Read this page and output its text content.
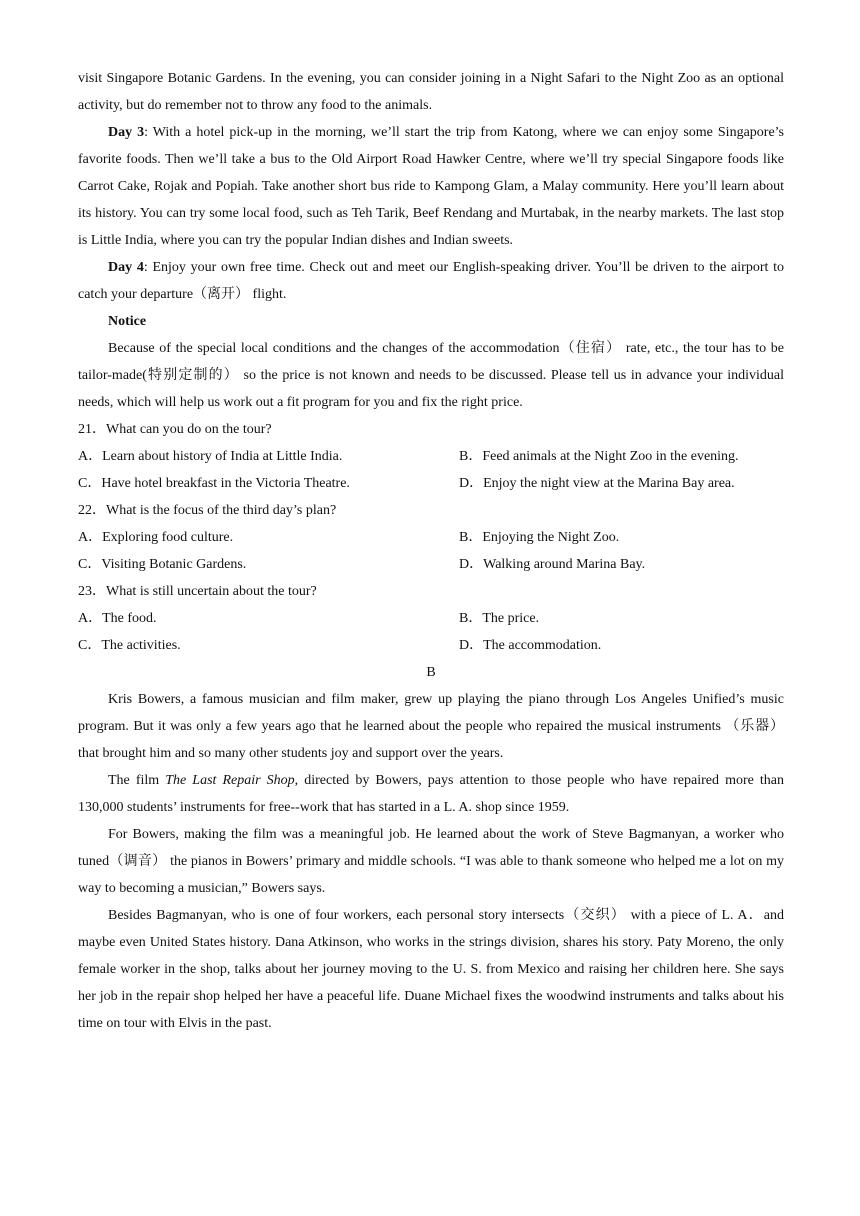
visit Singapore Botanic Gardens. In the evening, you can consider joining in a Night Safari to the Night Zoo as an optional activity, but do remember not to throw any food to the animals.

Day 3: With a hotel pick-up in the morning, we’ll start the trip from Katong, where we can enjoy some Singapore’s favorite foods. Then we’ll take a bus to the Old Airport Road Hawker Centre, where we’ll try special Singapore foods like Carrot Cake, Rojak and Popiah. Take another short bus ride to Kampong Glam, a Malay community. Here you’ll learn about its history. You can try some local food, such as Teh Tarik, Beef Rendang and Murtabak, in the nearby markets. The last stop is Little India, where you can try the popular Indian dishes and Indian sweets.

Day 4: Enjoy your own free time. Check out and meet our English-speaking driver. You’ll be driven to the airport to catch your departure（离开） flight.

Notice

Because of the special local conditions and the changes of the accommodation（住宿） rate, etc., the tour has to be tailor-made(特别定制的） so the price is not known and needs to be discussed. Please tell us in advance your individual needs, which will help us work out a fit program for you and fix the right price.

21．What can you do on the tour?

A．Learn about history of India at Little India.	B．Feed animals at the Night Zoo in the evening.
C．Have hotel breakfast in the Victoria Theatre.	D．Enjoy the night view at the Marina Bay area.

22．What is the focus of the third day’s plan?

A．Exploring food culture.	B．Enjoying the Night Zoo.
C．Visiting Botanic Gardens.	D．Walking around Marina Bay.

23．What is still uncertain about the tour?

A．The food.	B．The price.
C．The activities.	D．The accommodation.

B

Kris Bowers, a famous musician and film maker, grew up playing the piano through Los Angeles Unified’s music program. But it was only a few years ago that he learned about the people who repaired the musical instruments （乐器） that brought him and so many other students joy and support over the years.

The film The Last Repair Shop, directed by Bowers, pays attention to those people who have repaired more than 130,000 students’ instruments for free--work that has started in a L. A. shop since 1959.

For Bowers, making the film was a meaningful job. He learned about the work of Steve Bagmanyan, a worker who tuned（调音） the pianos in Bowers’ primary and middle schools. “I was able to thank someone who helped me a lot on my way to becoming a musician,” Bowers says.

Besides Bagmanyan, who is one of four workers, each personal story intersects（交织） with a piece of L. A．and maybe even United States history. Dana Atkinson, who works in the strings division, shares his story. Paty Moreno, the only female worker in the shop, talks about her journey moving to the U. S. from Mexico and raising her children here. She says her job in the repair shop helped her have a peaceful life. Duane Michael fixes the woodwind instruments and talks about his time on tour with Elvis in the past.
